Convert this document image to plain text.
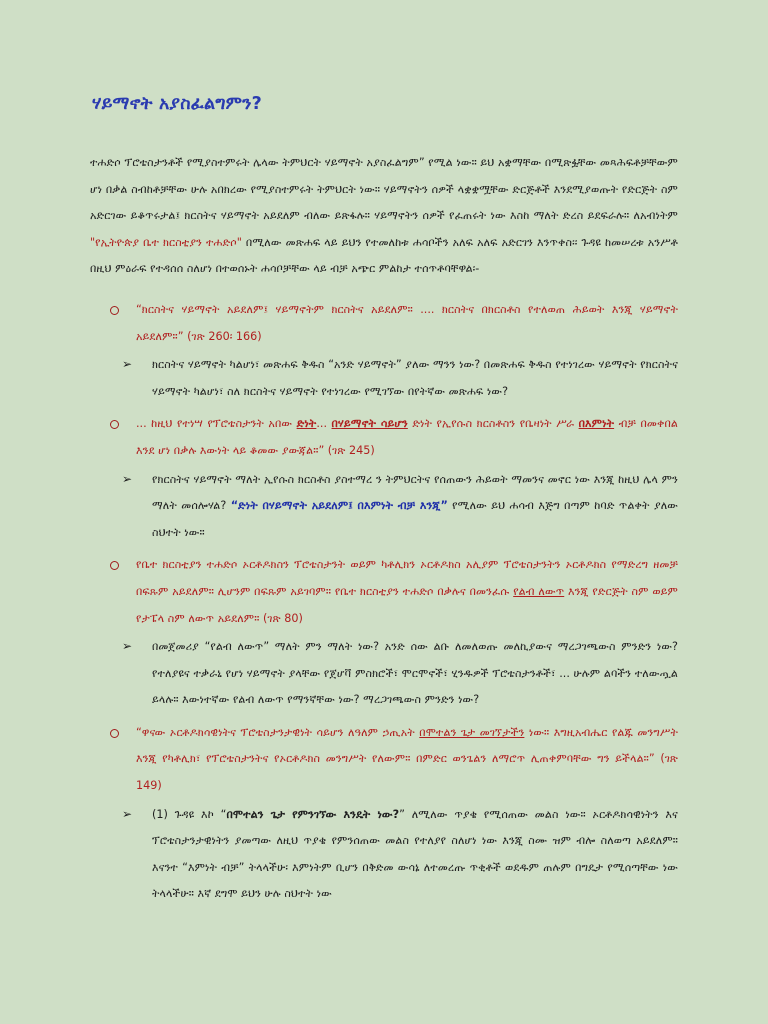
ሃይማኖት አያስፈልግምን?

ተሐድሶ ፕሮቴስታንቶች የሚያስተምሩት ሌላው ትምህርት ሃይማኖት አያስፈልግም” የሚል ነው። ይህ አቋማቸው በሚጽፏቸው መጻሕፍቶቻቸውም ሆነ በቃል ስብከቶቻቸው ሁሉ አበክረው የሚያስተምሩት ትምህርት ነው። ሃይማኖትን ሰዎች ላቋቋሟቸው ድርጅቶች እንደሚያወጡት የድርጅት ስም አድርገው ይቆጥሩታል፤ ክርስትና ሃይማኖት አይደለም ብለው ይጽፋሉ። ሃይማኖትን ሰዎች የፈጠሩት ነው እስከ ማለት ድረስ ይደፍራሉ። ለአብነትም "የኢትዮጵያ ቤተ ክርስቲያን ተሐድሶ" በሚለው መጽሐፍ ላይ ይህን የተመለከቱ ሐሳቦችን አለፍ አለፍ አድርገን እንጥቀስ፡፡ ጉዳዩ ከመሠረቱ አንሥቶ በዚህ ምዕራፍ የተዳሰሰ ስለሆነ በተወሰኑት ሐሳቦቻቸው ላይ ብቻ አጭር ምልከታ ተሰጥቶባቸዋል፡-

“ክርስትና ሃይማኖት አይደለም፤ ሃይማኖትም ክርስትና አይደለም። .... ክርስትና በክርስቶስ የተለወጠ ሕይወት እንጂ ሃይማኖት አይደለም።” (ገጽ 260፡ 166)

➢ ክርስትና ሃይማኖት ካልሆነ፣ መጽሐፍ ቅዱስ “አንድ ሃይማኖት” ያለው ማንን ነው? በመጽሐፍ ቅዱስ የተነገረው ሃይማኖት የክርስትና ሃይማኖት ካልሆነ፣ ስለ ክርስትና ሃይማኖት የተነገረው የሚገኘው በየትኛው መጽሐፍ ነው?

... ከዚህ የተነሣ የፕሮቴስታንት አበው ድነት... በሃይማኖት ሳይሆን ድነት የኢየሱስ ክርስቶስን የቤዛነት ሥራ በእምነት ብቻ በመቀበል እንደ ሆነ በቃሉ እውነት ላይ ቆመው ያውጃል።” (ገጽ 245)

➢ የክርስትና ሃይማኖት ማለት ኢየሱስ ክርስቶስ ያስተማረ ን ትምህርትና የሰጠውን ሕይወት ማመንና መኖር ነው እንጂ ከዚህ ሌላ ምን ማለት መሰሎሃል? “ድነት በሃይማኖት አይደለም፤ በእምነት ብቻ እንጂ” የሚለው ይህ ሐሳብ እጅግ በጣም ከባድ ጥልቀት ያለው ስህተት ነው።

የቤተ ክርስቲያን ተሐድሶ ኦርቶዶክስን ፕሮቴስታንት ወይም ካቶሊክን ኦርቶዶክስ አሊያም ፕሮቴስታንትን ኦርቶዶክስ የማድረግ ዘመቻ በፍጹም አይደለም። ሊሆንም በፍጹም አይገባም። የቤተ ክርስቲያን ተሐድሶ በቃሉና በመንፈሱ የልብ ለውጥ እንጂ የድርጅት ስም ወይም የታፔላ ስም ለውጥ አይደለም። (ገጽ 80)

➢ በመጀመሪያ “የልብ ለውጥ” ማለት ምን ማለት ነው? አንድ ሰው ልቡ ለመለወጡ መለኪያውና ማረጋገጫውስ ምንድን ነው? የተለያዩና ተቃራኒ የሆነ ሃይማኖት ያላቸው የጀሆቫ ምስክሮች፣ ሞርሞኖች፣ ሂንዱዎች ፕሮቴስታንቶች፣ ... ሁሉም ልባችን ተለውጧል ይላሉ። እውነተኛው የልብ ለውጥ የማንኛቸው ነው? ማረጋገጫውስ ምንድን ነው?

“ዋናው ኦርቶዶክሳዊነትና ፕሮቴስታንታዊነት ሳይሆን ለዓለም ኃጢአት በሞተልን ጌታ መገኘታችን ነው። እግዚአብሔር የልጁ መንግሥት እንጂ የካቶሊክ፣ የፕሮቴስታንትና የኦርቶዶክስ መንግሥት የለውም። በምድር ወንጌልን ለማሮጥ ሊጠቀምባቸው ግን ይችላል።” (ገጽ 149)

➢ (1) ጉዳዩ እኮ “በሞተልን ጌታ የምንገኘው እንዴት ነው?” ለሚለው ጥያቄ የሚሰጠው መልስ ነው። ኦርቶዶክሳዊነትን እና ፕሮቴስታንታዊነትን ያመጣው ለዚህ ጥያቄ የምንሰጠው መልስ የተለያየ ስለሆነ ነው እንጂ ስሙ ዝም ብሎ ስለወጣ አይደለም። እናንተ “እምነት ብቻ” ትላላችሁ፡ እምነትም ቢሆን በቅድመ ውሳኔ ለተመረጡ ጥቂቶች ወደዱም ጠሉም በግዴታ የሚሰጣቸው ነው ትላላችሁ። እኛ ደግሞ ይህን ሁሉ ስህተት ነው
